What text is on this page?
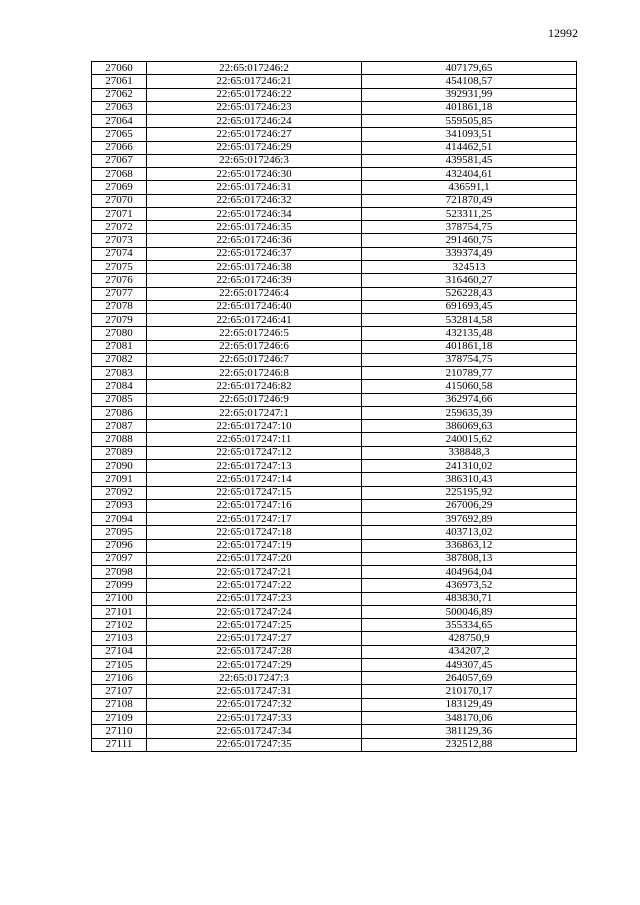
12992
27060	22:65:017246:2	407179,65
27061	22:65:017246:21	454108,57
27062	22:65:017246:22	392931,99
27063	22:65:017246:23	401861,18
27064	22:65:017246:24	559505,85
27065	22:65:017246:27	341093,51
27066	22:65:017246:29	414462,51
27067	22:65:017246:3	439581,45
27068	22:65:017246:30	432404,61
27069	22:65:017246:31	436591,1
27070	22:65:017246:32	721870,49
27071	22:65:017246:34	523311,25
27072	22:65:017246:35	378754,75
27073	22:65:017246:36	291460,75
27074	22:65:017246:37	339374,49
27075	22:65:017246:38	324513
27076	22:65:017246:39	316460,27
27077	22:65:017246:4	526228,43
27078	22:65:017246:40	691693,45
27079	22:65:017246:41	532814,58
27080	22:65:017246:5	432135,48
27081	22:65:017246:6	401861,18
27082	22:65:017246:7	378754,75
27083	22:65:017246:8	210789,77
27084	22:65:017246:82	415060,58
27085	22:65:017246:9	362974,66
27086	22:65:017247:1	259635,39
27087	22:65:017247:10	386069,63
27088	22:65:017247:11	240015,62
27089	22:65:017247:12	338848,3
27090	22:65:017247:13	241310,02
27091	22:65:017247:14	386310,43
27092	22:65:017247:15	225195,92
27093	22:65:017247:16	267006,29
27094	22:65:017247:17	397692,89
27095	22:65:017247:18	403713,02
27096	22:65:017247:19	336863,12
27097	22:65:017247:20	387808,13
27098	22:65:017247:21	404964,04
27099	22:65:017247:22	436973,52
27100	22:65:017247:23	483830,71
27101	22:65:017247:24	500046,89
27102	22:65:017247:25	355334,65
27103	22:65:017247:27	428750,9
27104	22:65:017247:28	434207,2
27105	22:65:017247:29	449307,45
27106	22:65:017247:3	264057,69
27107	22:65:017247:31	210170,17
27108	22:65:017247:32	183129,49
27109	22:65:017247:33	348170,06
27110	22:65:017247:34	381129,36
27111	22:65:017247:35	232512,88
